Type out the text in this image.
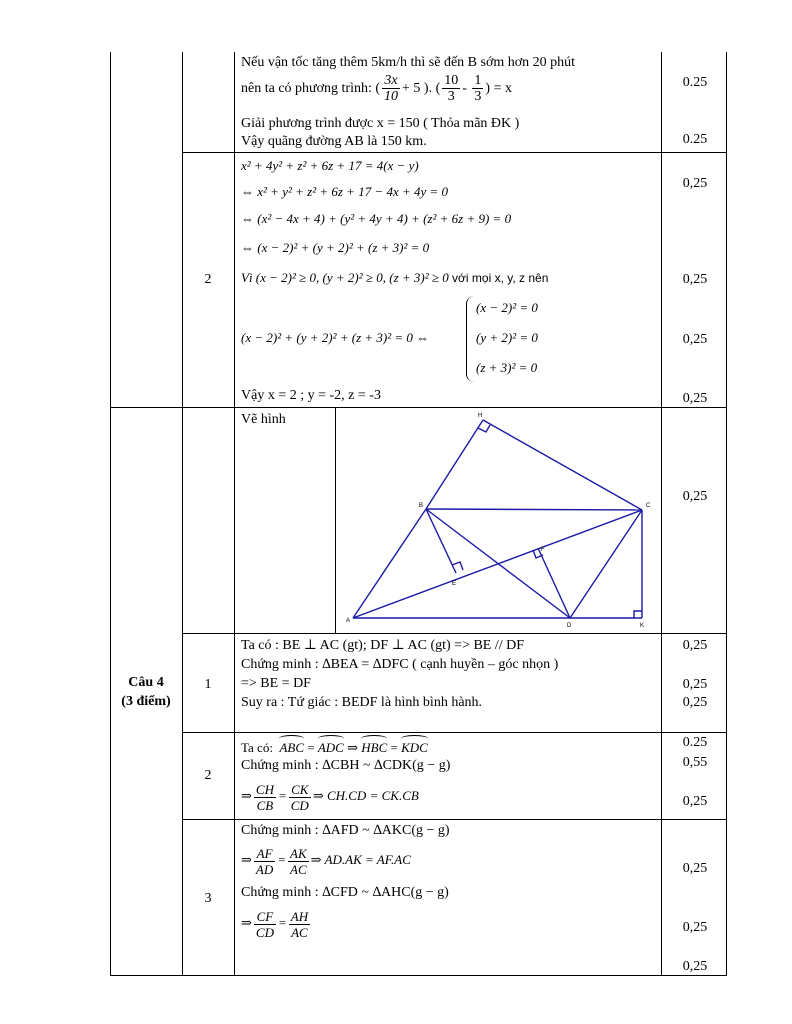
Nếu vận tốc tăng thêm 5km/h thì sẽ đến B sớm hơn 20 phút
nên ta có phương trình: ( $\frac{3x}{10} + 5$ ). ( $\frac{10}{3} - \frac{1}{3}$ ) = x
Giải phương trình được x = 150 ( Thỏa mãn ĐK )
Vậy quãng đường AB là 150 km.
0.25
0.25
2
x² + 4y² + z² + 6z + 17 = 4(x − y)
⇔ x² + y² + z² + 6z + 17 − 4x + 4y = 0
⇔ (x² − 4x + 4) + (y² + 4y + 4) + (z² + 6z + 9) = 0
⇔ (x − 2)² + (y + 2)² + (z + 3)² = 0
Vì (x − 2)² ≥ 0, (y + 2)² ≥ 0, (z + 3)² ≥ 0 với mọi x, y, z nên
(x − 2)² + (y + 2)² + (z + 3)² = 0 ⇔
(x − 2)² = 0
(y + 2)² = 0
(z + 3)² = 0
Vậy x = 2 ; y = -2, z = -3
0,25
0,25
0,25
0,25
Câu 4
(3 điểm)
Vẽ hình
0,25
A
B	C
D
E
F
H
K
1
Ta có : BE ⊥ AC (gt); DF ⊥ AC (gt) => BE // DF
Chứng minh : ∆BEA = ∆DFC ( cạnh huyền – góc nhọn )
=> BE = DF
Suy ra : Tứ giác : BEDF là hình bình hành.
0,25
0,25
0,25
2
Ta có: ABC = ADC ⇒ HBC = KDC
Chứng minh : ∆CBH ~ ∆CDK(g − g)
⇒ $\frac{CH}{CB} = \frac{CK}{CD}$ ⇒ CH.CD = CK.CB
0.25
0,55
0,25
3
Chứng minh : ∆AFD ~ ∆AKC(g − g)
⇒ $\frac{AF}{AD} = \frac{AK}{AC}$ ⇒ AD.AK = AF.AC
Chứng minh : ∆CFD ~ ∆AHC(g − g)
⇒ $\frac{CF}{CD} = \frac{AH}{AC}$
0,25
0,25
0,25
